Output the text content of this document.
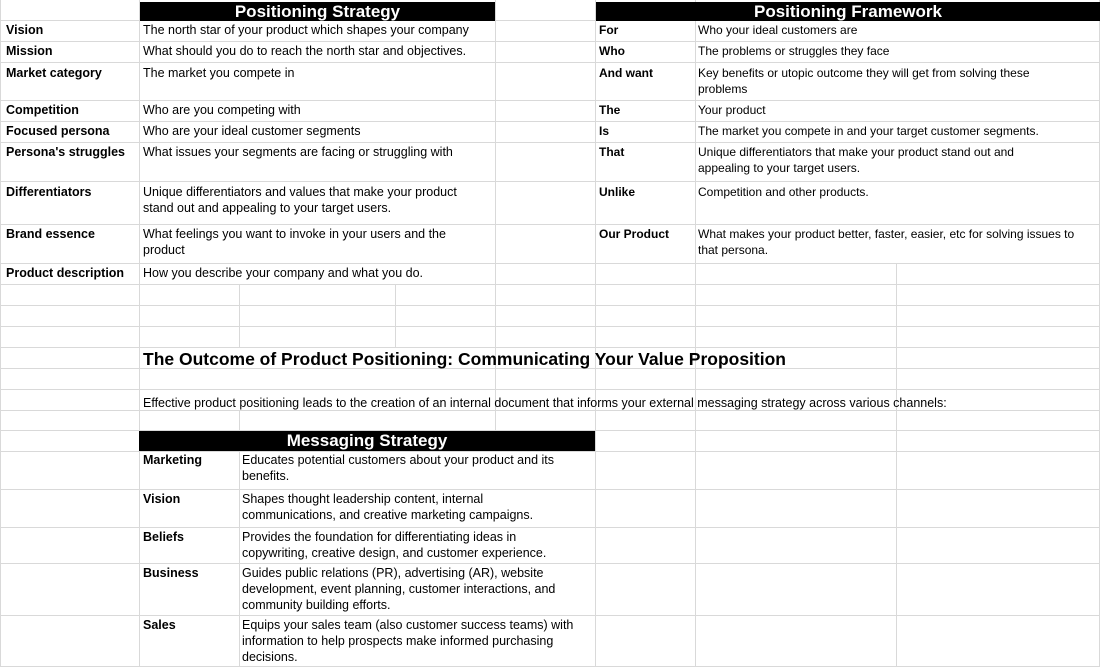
Positioning Strategy
Vision	The north star of your product which shapes your company
Mission	What should you do to reach the north star and objectives.
Market category	The market you compete in
Competition	Who are you competing with
Focused persona	Who are your ideal customer segments
Persona's struggles	What issues your segments are facing or struggling with
Differentiators	Unique differentiators and values that make your product stand out and appealing to your target users.
Brand essence	What feelings you want to invoke in your users and the product
Product description	How you describe your company and what you do.
Positioning Framework
For	Who your ideal customers are
Who	The problems or struggles they face
And want	Key benefits or utopic outcome they will get from solving these problems
The	Your product
Is	The market you compete in and your target customer segments.
That	Unique differentiators that make your product stand out and appealing to your target users.
Unlike	Competition and other products.
Our Product	What makes your product better, faster, easier, etc for solving issues to that persona.
The Outcome of Product Positioning: Communicating Your Value Proposition
Effective product positioning leads to the creation of an internal document that informs your external messaging strategy across various channels:
Messaging Strategy
Marketing	Educates potential customers about your product and its benefits.
Vision	Shapes thought leadership content, internal communications, and creative marketing campaigns.
Beliefs	Provides the foundation for differentiating ideas in copywriting, creative design, and customer experience.
Business	Guides public relations (PR), advertising (AR), website development, event planning, customer interactions, and community building efforts.
Sales	Equips your sales team (also customer success teams) with information to help prospects make informed purchasing decisions.
